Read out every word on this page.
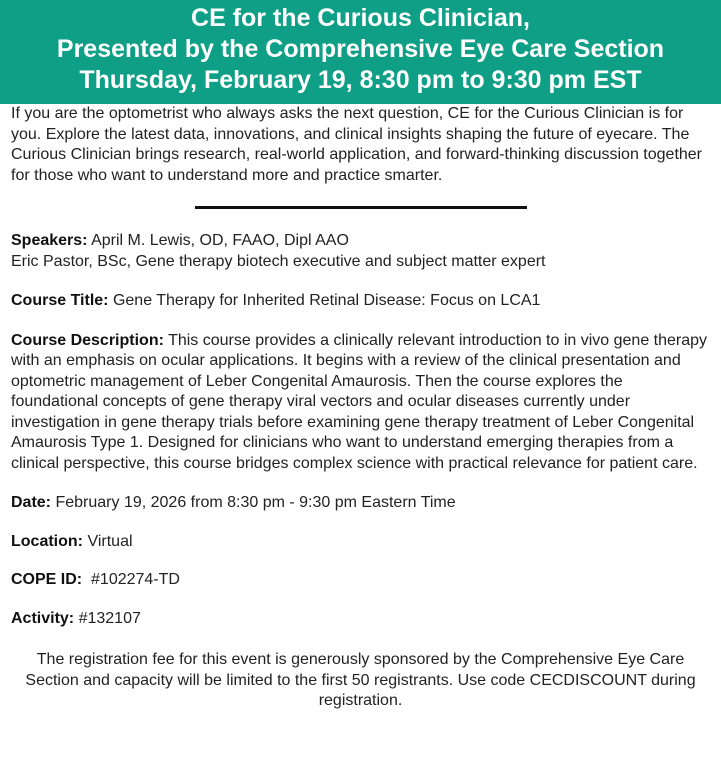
CE for the Curious Clinician,
Presented by the Comprehensive Eye Care Section
Thursday, February 19, 8:30 pm to 9:30 pm EST

If you are the optometrist who always asks the next question, CE for the Curious Clinician is for you. Explore the latest data, innovations, and clinical insights shaping the future of eyecare. The Curious Clinician brings research, real-world application, and forward-thinking discussion together for those who want to understand more and practice smarter.

Speakers: April M. Lewis, OD, FAAO, Dipl AAO
Eric Pastor, BSc, Gene therapy biotech executive and subject matter expert

Course Title: Gene Therapy for Inherited Retinal Disease: Focus on LCA1

Course Description: This course provides a clinically relevant introduction to in vivo gene therapy with an emphasis on ocular applications. It begins with a review of the clinical presentation and optometric management of Leber Congenital Amaurosis. Then the course explores the foundational concepts of gene therapy viral vectors and ocular diseases currently under investigation in gene therapy trials before examining gene therapy treatment of Leber Congenital Amaurosis Type 1. Designed for clinicians who want to understand emerging therapies from a clinical perspective, this course bridges complex science with practical relevance for patient care.

Date: February 19, 2026 from 8:30 pm - 9:30 pm Eastern Time

Location: Virtual

COPE ID: #102274-TD

Activity: #132107

The registration fee for this event is generously sponsored by the Comprehensive Eye Care Section and capacity will be limited to the first 50 registrants. Use code CECDISCOUNT during registration.
